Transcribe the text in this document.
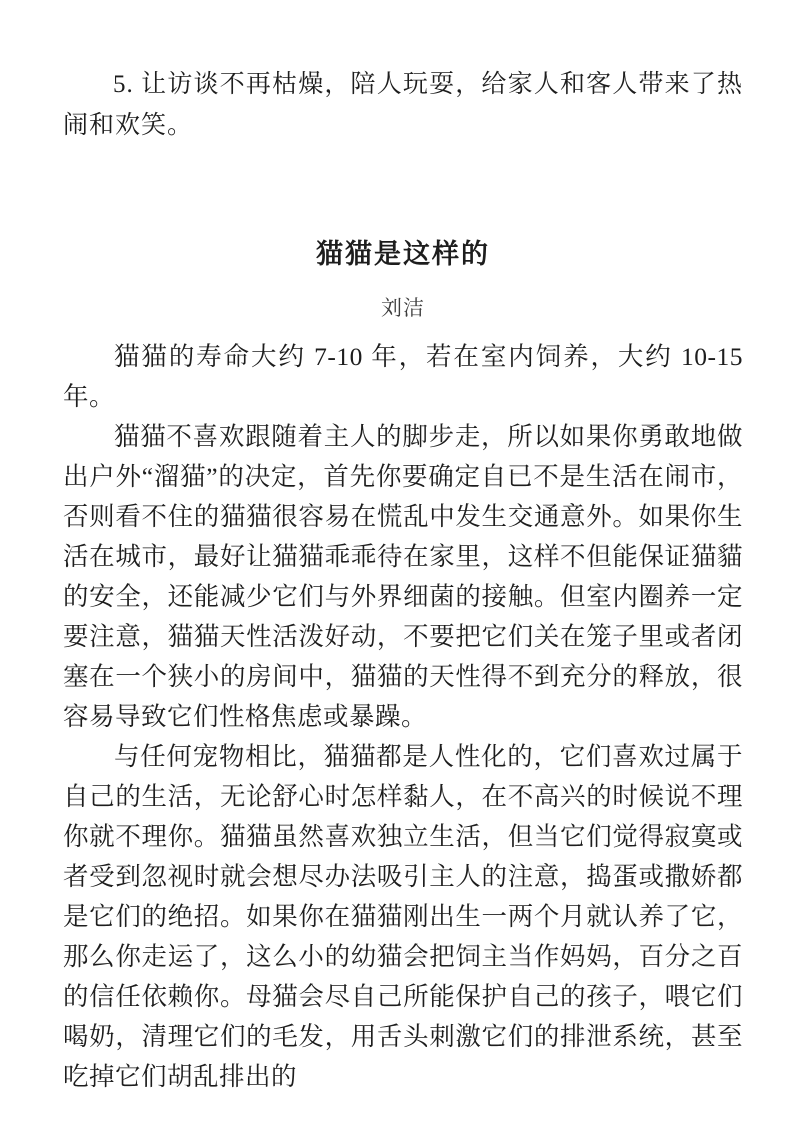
5. 让访谈不再枯燥，陪人玩耍，给家人和客人带来了热闹和欢笑。

猫猫是这样的
刘洁

猫猫的寿命大约 7-10 年，若在室内饲养，大约 10-15 年。

猫猫不喜欢跟随着主人的脚步走，所以如果你勇敢地做出户外“溜猫”的决定，首先你要确定自已不是生活在闹市，否则看不住的猫猫很容易在慌乱中发生交通意外。如果你生活在城市，最好让猫猫乖乖待在家里，这样不但能保证猫貓的安全，还能减少它们与外界细菌的接触。但室内圈养一定要注意，猫猫天性活泼好动，不要把它们关在笼子里或者闭塞在一个狭小的房间中，猫猫的天性得不到充分的释放，很容易导致它们性格焦虑或暴躁。

与任何宠物相比，猫猫都是人性化的，它们喜欢过属于自己的生活，无论舒心时怎样黏人，在不高兴的时候说不理你就不理你。猫猫虽然喜欢独立生活，但当它们觉得寂寞或者受到忽视时就会想尽办法吸引主人的注意，捣蛋或撒娇都是它们的绝招。如果你在猫猫刚出生一两个月就认养了它，那么你走运了，这么小的幼猫会把饲主当作妈妈，百分之百的信任依赖你。母猫会尽自己所能保护自己的孩子，喂它们喝奶，清理它们的毛发，用舌头刺激它们的排泄系统，甚至吃掉它们胡乱排出的
